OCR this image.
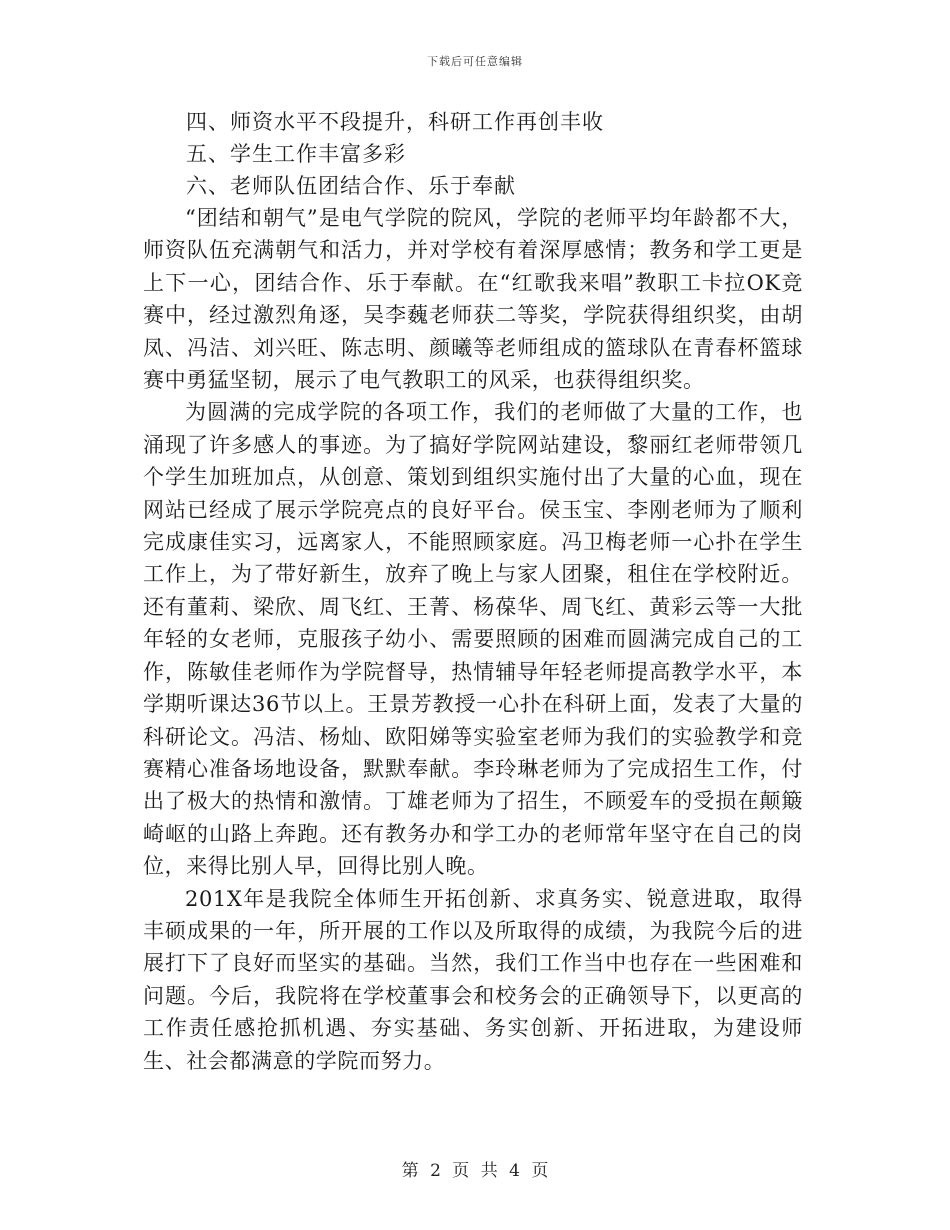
下载后可任意编辑

四、师资水平不段提升，科研工作再创丰收

五、学生工作丰富多彩

六、老师队伍团结合作、乐于奉献

“团结和朝气”是电气学院的院风，学院的老师平均年龄都不大，师资队伍充满朝气和活力，并对学校有着深厚感情；教务和学工更是上下一心，团结合作、乐于奉献。在“红歌我来唱”教职工卡拉OK竞赛中，经过激烈角逐，吴李蘶老师获二等奖，学院获得组织奖，由胡凤、冯洁、刘兴旺、陈志明、颜曦等老师组成的篮球队在青春杯篮球赛中勇猛坚韧，展示了电气教职工的风采，也获得组织奖。

为圆满的完成学院的各项工作，我们的老师做了大量的工作，也涌现了许多感人的事迹。为了搞好学院网站建设，黎丽红老师带领几个学生加班加点，从创意、策划到组织实施付出了大量的心血，现在网站已经成了展示学院亮点的良好平台。侯玉宝、李刚老师为了顺利完成康佳实习，远离家人，不能照顾家庭。冯卫梅老师一心扑在学生工作上，为了带好新生，放弃了晚上与家人团聚，租住在学校附近。还有董莉、梁欣、周飞红、王菁、杨葆华、周飞红、黄彩云等一大批年轻的女老师，克服孩子幼小、需要照顾的困难而圆满完成自己的工作，陈敏佳老师作为学院督导，热情辅导年轻老师提高教学水平，本学期听课达36节以上。王景芳教授一心扑在科研上面，发表了大量的科研论文。冯洁、杨灿、欧阳娣等实验室老师为我们的实验教学和竞赛精心准备场地设备，默默奉献。李玲琳老师为了完成招生工作，付出了极大的热情和激情。丁雄老师为了招生，不顾爱车的受损在颠簸崎岖的山路上奔跑。还有教务办和学工办的老师常年坚守在自己的岗位，来得比别人早，回得比别人晚。

201X年是我院全体师生开拓创新、求真务实、锐意进取，取得丰硕成果的一年，所开展的工作以及所取得的成绩，为我院今后的进展打下了良好而坚实的基础。当然，我们工作当中也存在一些困难和问题。今后，我院将在学校董事会和校务会的正确领导下，以更高的工作责任感抢抓机遇、夯实基础、务实创新、开拓进取，为建设师生、社会都满意的学院而努力。

第 2 页 共 4 页
